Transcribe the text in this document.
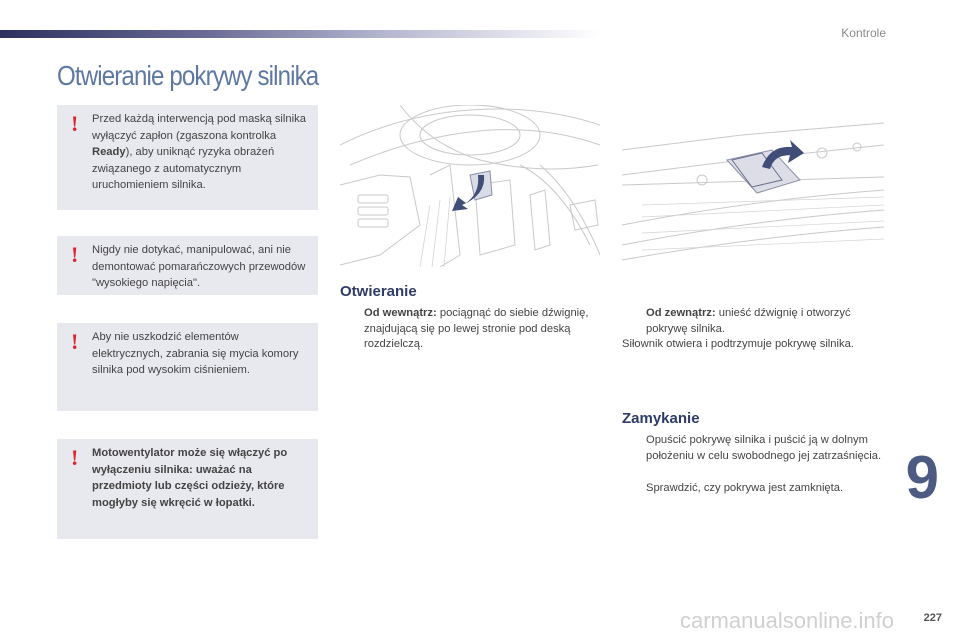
Kontrole
Otwieranie pokrywy silnika
! Przed każdą interwencją pod maską silnika wyłączyć zapłon (zgaszona kontrolka Ready), aby uniknąć ryzyka obrażeń związanego z automatycznym uruchomieniem silnika.
! Nigdy nie dotykać, manipulować, ani nie demontować pomarańczowych przewodów "wysokiego napięcia".
! Aby nie uszkodzić elementów elektrycznych, zabrania się mycia komory silnika pod wysokim ciśnieniem.
! Motowentylator może się włączyć po wyłączeniu silnika: uważać na przedmioty lub części odzieży, które mogłyby się wkręcić w łopatki.
Otwieranie
Od wewnątrz: pociągnąć do siebie dźwignię, znajdującą się po lewej stronie pod deską rozdzielczą.
Od zewnątrz: unieść dźwignię i otworzyć pokrywę silnika.
Siłownik otwiera i podtrzymuje pokrywę silnika.
Zamykanie
Opuścić pokrywę silnika i puścić ją w dolnym położeniu w celu swobodnego jej zatrzaśnięcia.
Sprawdzić, czy pokrywa jest zamknięta.	9
227
carmanualsonline.info
